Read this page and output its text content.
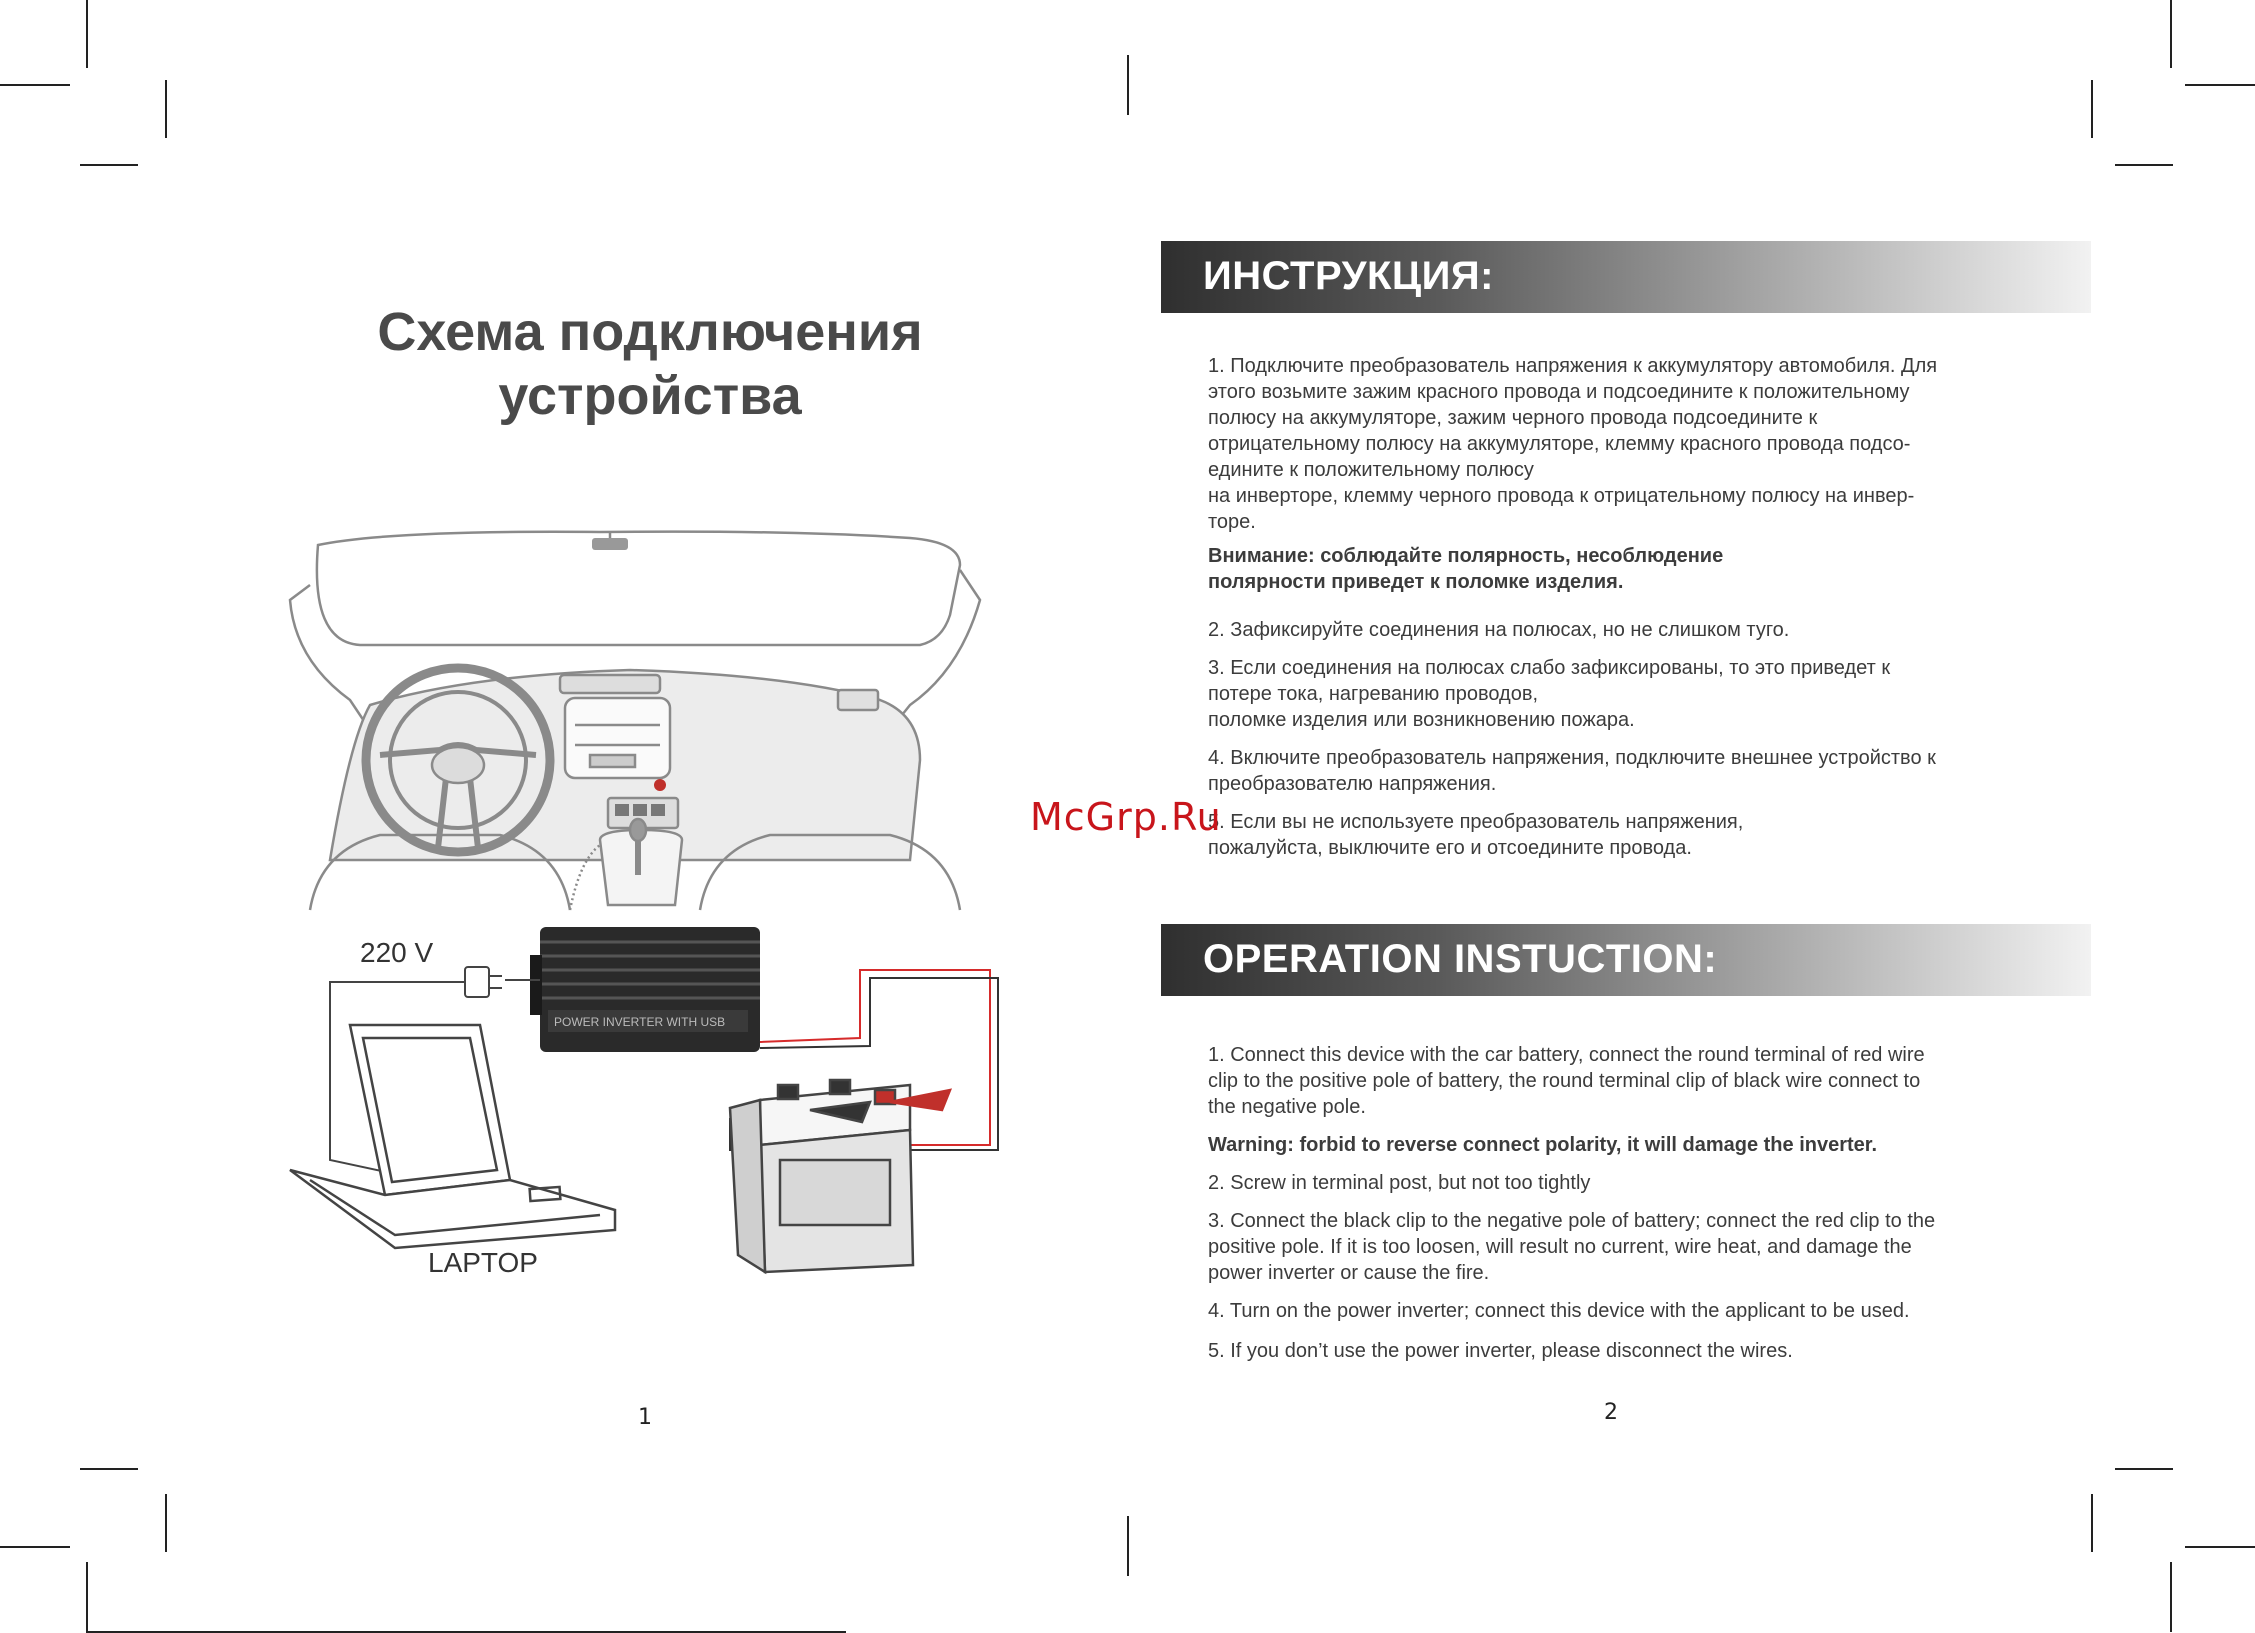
Схема подключения
устройства
POWER INVERTER WITH USB
220 V
LAPTOP
1
ИНСТРУКЦИЯ:

1. Подключите преобразователь напряжения к аккумулятору автомобиля. Для
этого возьмите зажим красного провода и подсоедините к положительному
полюсу на аккумуляторе, зажим черного провода подсоедините к
отрицательному полюсу на аккумуляторе, клемму красного провода подсо-
едините к положительному полюсу
на инверторе, клемму черного провода к отрицательному полюсу на инвер-
торе.

Внимание: соблюдайте полярность, несоблюдение
полярности приведет к поломке изделия.

2. Зафиксируйте соединения на полюсах, но не слишком туго.

3. Если соединения на полюсах слабо зафиксированы, то это приведет к
потере тока, нагреванию проводов,
поломке изделия или возникновению пожара.

4. Включите преобразователь напряжения, подключите внешнее устройство к
преобразователю напряжения.

5. Если вы не используете преобразователь напряжения,
пожалуйста, выключите его и отсоедините провода.

OPERATION INSTUCTION:

1. Connect this device with the car battery, connect the round terminal of red wire
clip to the positive pole of battery, the round terminal clip of black wire connect to
the negative pole.

Warning: forbid to reverse connect polarity, it will damage the inverter.

2. Screw in terminal post, but not too tightly

3. Connect the black clip to the negative pole of battery; connect the red clip to the
positive pole. If it is too loosen, will result no current, wire heat, and damage the
power inverter or cause the fire.

4. Turn on the power inverter; connect this device with the applicant to be used.

5. If you don’t use the power inverter, please disconnect the wires.

2
McGrp.Ru
